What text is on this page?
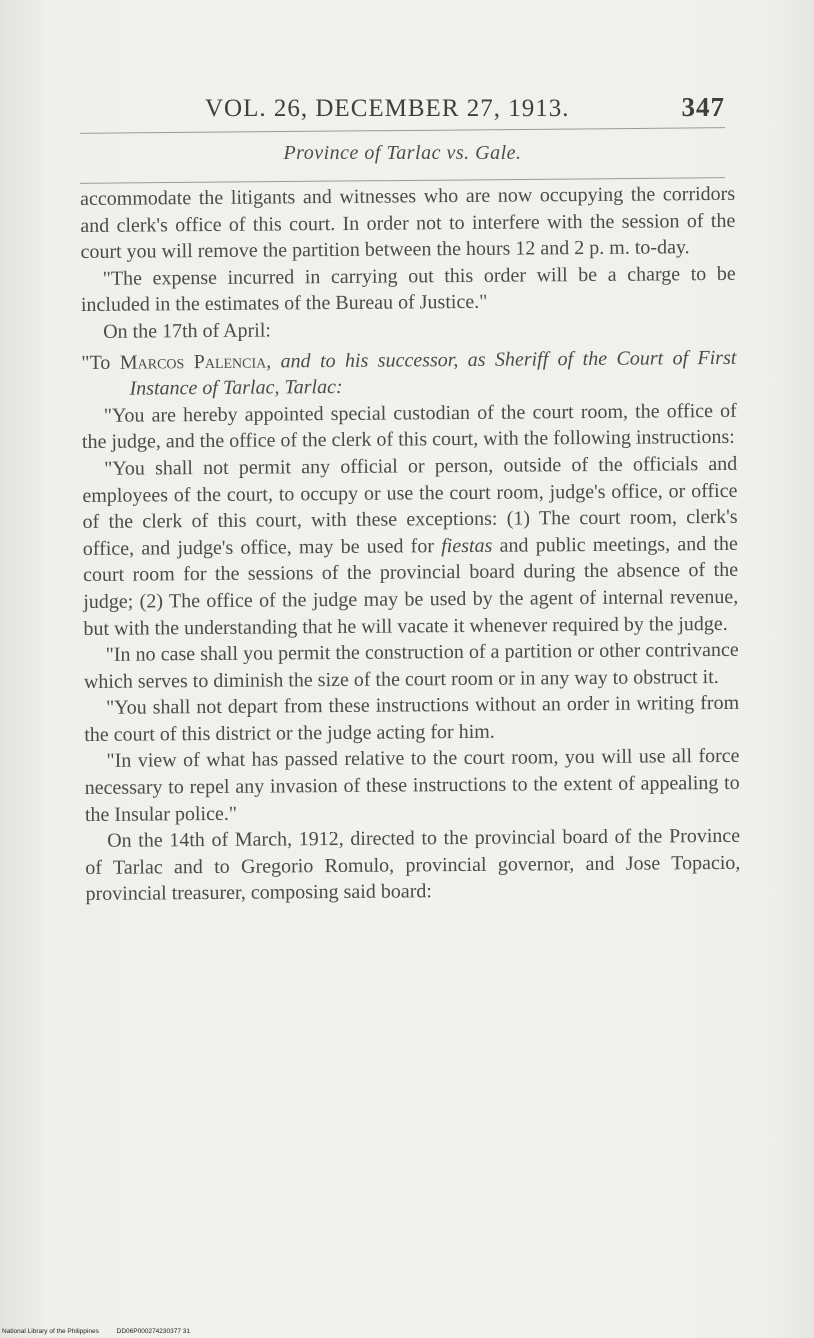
VOL. 26, DECEMBER 27, 1913.	347
Province of Tarlac vs. Gale.

accommodate the litigants and witnesses who are now occupying the corridors and clerk's office of this court. In order not to interfere with the session of the court you will remove the partition between the hours 12 and 2 p. m. to-day.

"The expense incurred in carrying out this order will be a charge to be included in the estimates of the Bureau of Justice."

On the 17th of April:

"To Marcos Palencia, and to his successor, as Sheriff of the Court of First Instance of Tarlac, Tarlac:

"You are hereby appointed special custodian of the court room, the office of the judge, and the office of the clerk of this court, with the following instructions:

"You shall not permit any official or person, outside of the officials and employees of the court, to occupy or use the court room, judge's office, or office of the clerk of this court, with these exceptions: (1) The court room, clerk's office, and judge's office, may be used for fiestas and public meetings, and the court room for the sessions of the provincial board during the absence of the judge; (2) The office of the judge may be used by the agent of internal revenue, but with the understanding that he will vacate it whenever required by the judge.

"In no case shall you permit the construction of a partition or other contrivance which serves to diminish the size of the court room or in any way to obstruct it.

"You shall not depart from these instructions without an order in writing from the court of this district or the judge acting for him.

"In view of what has passed relative to the court room, you will use all force necessary to repel any invasion of these instructions to the extent of appealing to the Insular police."

On the 14th of March, 1912, directed to the provincial board of the Province of Tarlac and to Gregorio Romulo, provincial governor, and Jose Topacio, provincial treasurer, composing said board:

National Library of the Philippines	DD06P000274230377 31
